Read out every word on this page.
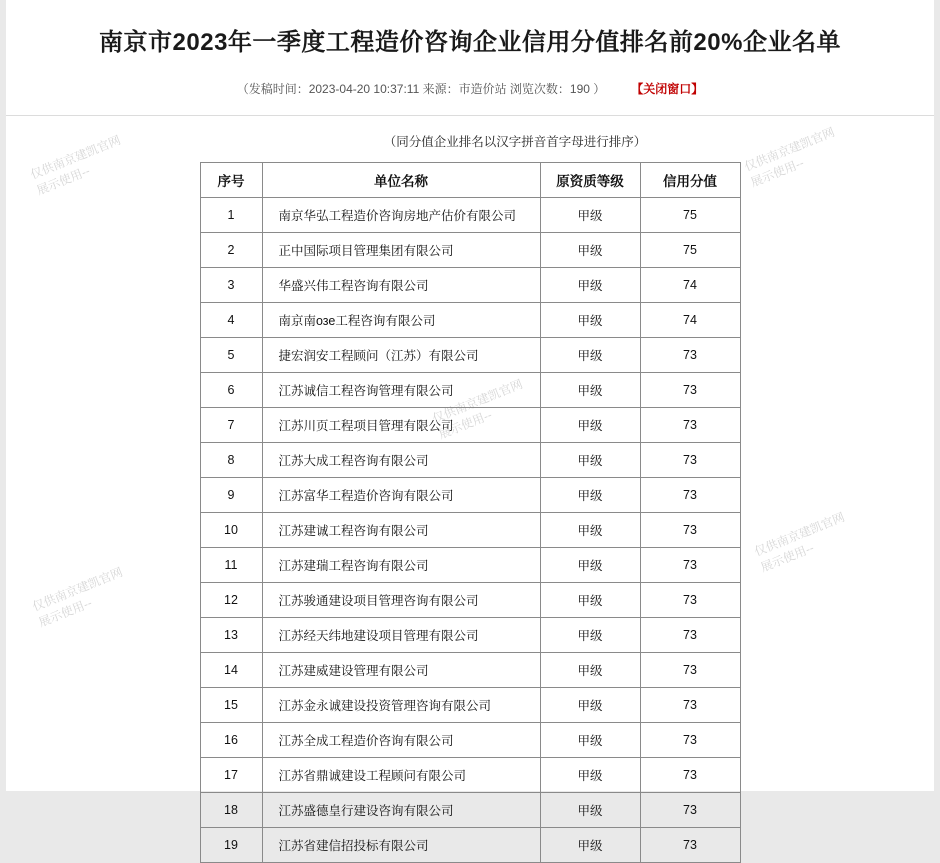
南京市2023年一季度工程造价咨询企业信用分值排名前20%企业名单
（发稿时间：2023-04-20 10:37:11 来源：市造价站 浏览次数：190 ） 【关闭窗口】
（同分值企业排名以汉字拼音首字母进行排序）
序号	单位名称	原资质等级	信用分值
1	南京华弘工程造价咨询房地产估价有限公司	甲级	75
2	正中国际项目管理集团有限公司	甲级	75
3	华盛兴伟工程咨询有限公司	甲级	74
4	南京南озе工程咨询有限公司	甲级	74
5	捷宏润安工程顾问（江苏）有限公司	甲级	73
6	江苏诚信工程咨询管理有限公司	甲级	73
7	江苏川页工程项目管理有限公司	甲级	73
8	江苏大成工程咨询有限公司	甲级	73
9	江苏富华工程造价咨询有限公司	甲级	73
10	江苏建诚工程咨询有限公司	甲级	73
11	江苏建瑞工程咨询有限公司	甲级	73
12	江苏骏通建设项目管理咨询有限公司	甲级	73
13	江苏经天纬地建设项目管理有限公司	甲级	73
14	江苏建威建设管理有限公司	甲级	73
15	江苏金永诚建设投资管理咨询有限公司	甲级	73
16	江苏全成工程造价咨询有限公司	甲级	73
17	江苏省鼎诚建设工程顾问有限公司	甲级	73
18	江苏盛德皇行建设咨询有限公司	甲级	73
19	江苏省建信招投标有限公司	甲级	73
仅供南京建凯官网
展示使用--
仅供南京建凯官网
展示使用--
仅供南京建凯官网
展示使用--
仅供南京建凯官网
展示使用--
仅供南京建凯官网
展示使用--
